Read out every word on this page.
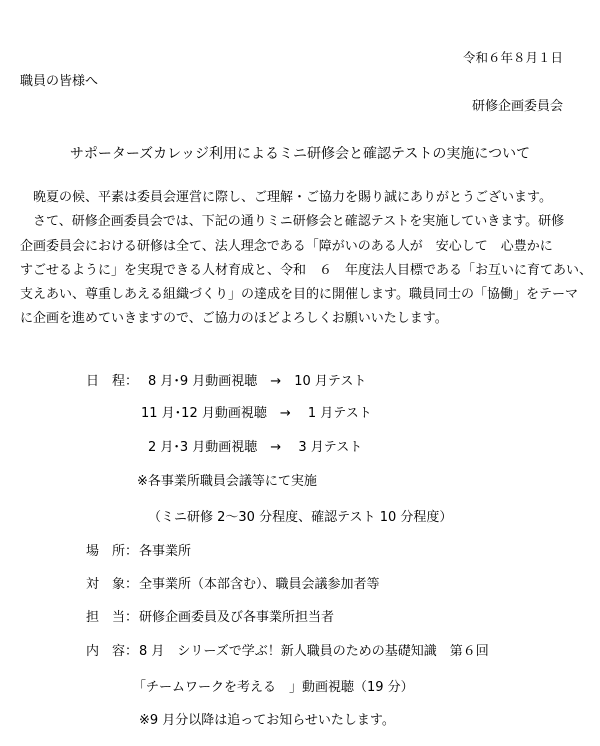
令和６年８月１日
職員の皆様へ
研修企画委員会
サポーターズカレッジ利用によるミニ研修会と確認テストの実施について

　晩夏の候、平素は委員会運営に際し、ご理解・ご協力を賜り誠にありがとうございます。

　さて、研修企画委員会では、下記の通りミニ研修会と確認テストを実施していきます。研修

企画委員会における研修は全て、法人理念である「障がいのある人が　安心して　心豊かに

すごせるように」を実現できる人材育成と、令和　６　年度法人目標である「お互いに育てあい、

支えあい、尊重しあえる組織づくり」の達成を目的に開催します。職員同士の「協働」をテーマ

に企画を進めていきますので、ご協力のほどよろしくお願いいたします。

日　程： 8 月･9 月動画視聴　→　10 月テスト
11 月･12 月動画視聴　→　 1 月テスト
2 月･3 月動画視聴　→　 3 月テスト
※各事業所職員会議等にて実施
（ミニ研修 2～30 分程度、確認テスト 10 分程度）
場　所： 各事業所
対　象： 全事業所（本部含む）、職員会議参加者等
担　当： 研修企画委員及び各事業所担当者
内　容： 8 月　シリーズで学ぶ！新人職員のための基礎知識　第６回
「チームワークを考える　」動画視聴（19 分）
※9 月分以降は追ってお知らせいたします。
